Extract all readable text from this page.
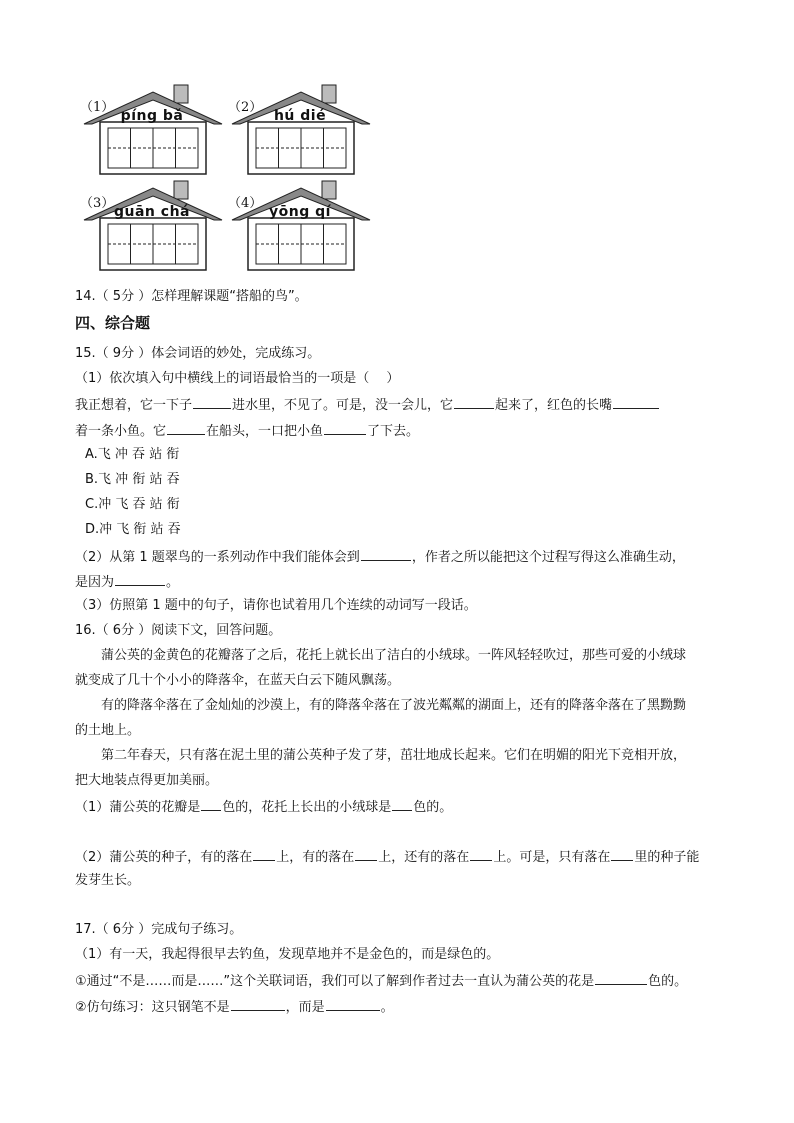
（1）
píng bǎ
（2）
hú dié
（3）
guān chá
（4）
yōng qí
14.（ 5分 ）怎样理解课题“搭船的鸟”。
四、综合题
15.（ 9分 ）体会词语的妙处，完成练习。
（1）依次填入句中横线上的词语最恰当的一项是（　 ）
我正想着，它一下子	进水里，不见了。可是，没一会儿，它	起来了，红色的长嘴
着一条小鱼。它	在船头，一口把小鱼	了下去。
A.飞 冲 吞 站 衔
B.飞 冲 衔 站 吞
C.冲 飞 吞 站 衔
D.冲 飞 衔 站 吞
（2）从第 1 题翠鸟的一系列动作中我们能体会到	，作者之所以能把这个过程写得这么准确生动，
是因为	。
（3）仿照第 1 题中的句子，请你也试着用几个连续的动词写一段话。
16.（ 6分 ）阅读下文，回答问题。
蒲公英的金黄色的花瓣落了之后，花托上就长出了洁白的小绒球。一阵风轻轻吹过，那些可爱的小绒球
就变成了几十个小小的降落伞，在蓝天白云下随风飘荡。
有的降落伞落在了金灿灿的沙漠上，有的降落伞落在了波光粼粼的湖面上，还有的降落伞落在了黑黝黝
的土地上。
第二年春天，只有落在泥土里的蒲公英种子发了芽，茁壮地成长起来。它们在明媚的阳光下竞相开放，
把大地装点得更加美丽。
（1）蒲公英的花瓣是 色的，花托上长出的小绒球是 色的。
（2）蒲公英的种子，有的落在 上，有的落在 上，还有的落在 上。可是，只有落在 里的种子能
发芽生长。
17.（ 6分 ）完成句子练习。
（1）有一天，我起得很早去钓鱼，发现草地并不是金色的，而是绿色的。
①通过“不是……而是……”这个关联词语，我们可以了解到作者过去一直认为蒲公英的花是	色的。
②仿句练习：这只钢笔不是	，而是	。
